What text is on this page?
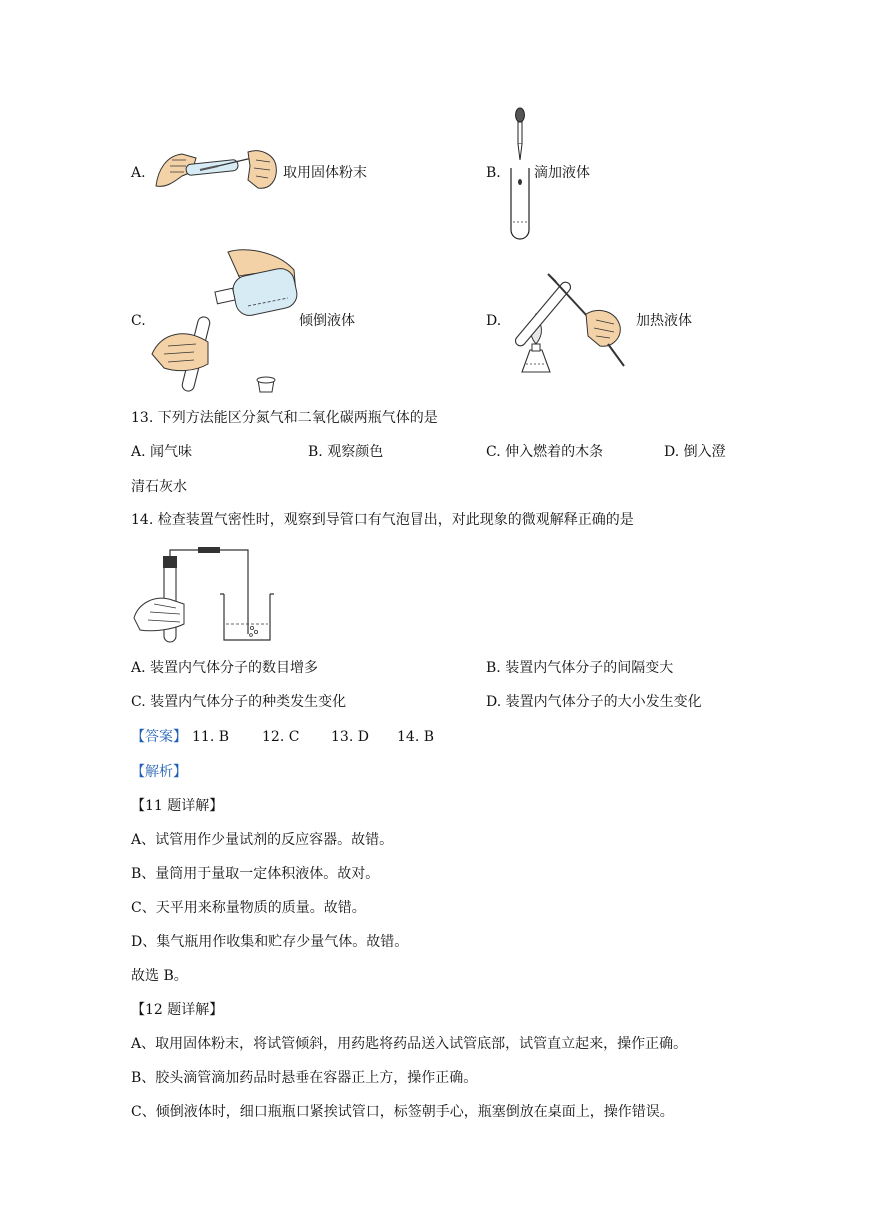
A.	取用固体粉末	B. 滴加液体
C.	倾倒液体	D.	加热液体
13. 下列方法能区分氮气和二氧化碳两瓶气体的是
A. 闻气味	B. 观察颜色	C. 伸入燃着的木条	D. 倒入澄
清石灰水
14. 检查装置气密性时，观察到导管口有气泡冒出，对此现象的微观解释正确的是
A. 装置内气体分子的数目增多	B. 装置内气体分子的间隔变大
C. 装置内气体分子的种类发生变化	D. 装置内气体分子的大小发生变化
【答案】 11. B 12. C 13. D 14. B
【解析】
【11 题详解】
A、试管用作少量试剂的反应容器。故错。
B、量筒用于量取一定体积液体。故对。
C、天平用来称量物质的质量。故错。
D、集气瓶用作收集和贮存少量气体。故错。
故选 B。
【12 题详解】
A、取用固体粉末，将试管倾斜，用药匙将药品送入试管底部，试管直立起来，操作正确。
B、胶头滴管滴加药品时悬垂在容器正上方，操作正确。
C、倾倒液体时，细口瓶瓶口紧挨试管口，标签朝手心，瓶塞倒放在桌面上，操作错误。
